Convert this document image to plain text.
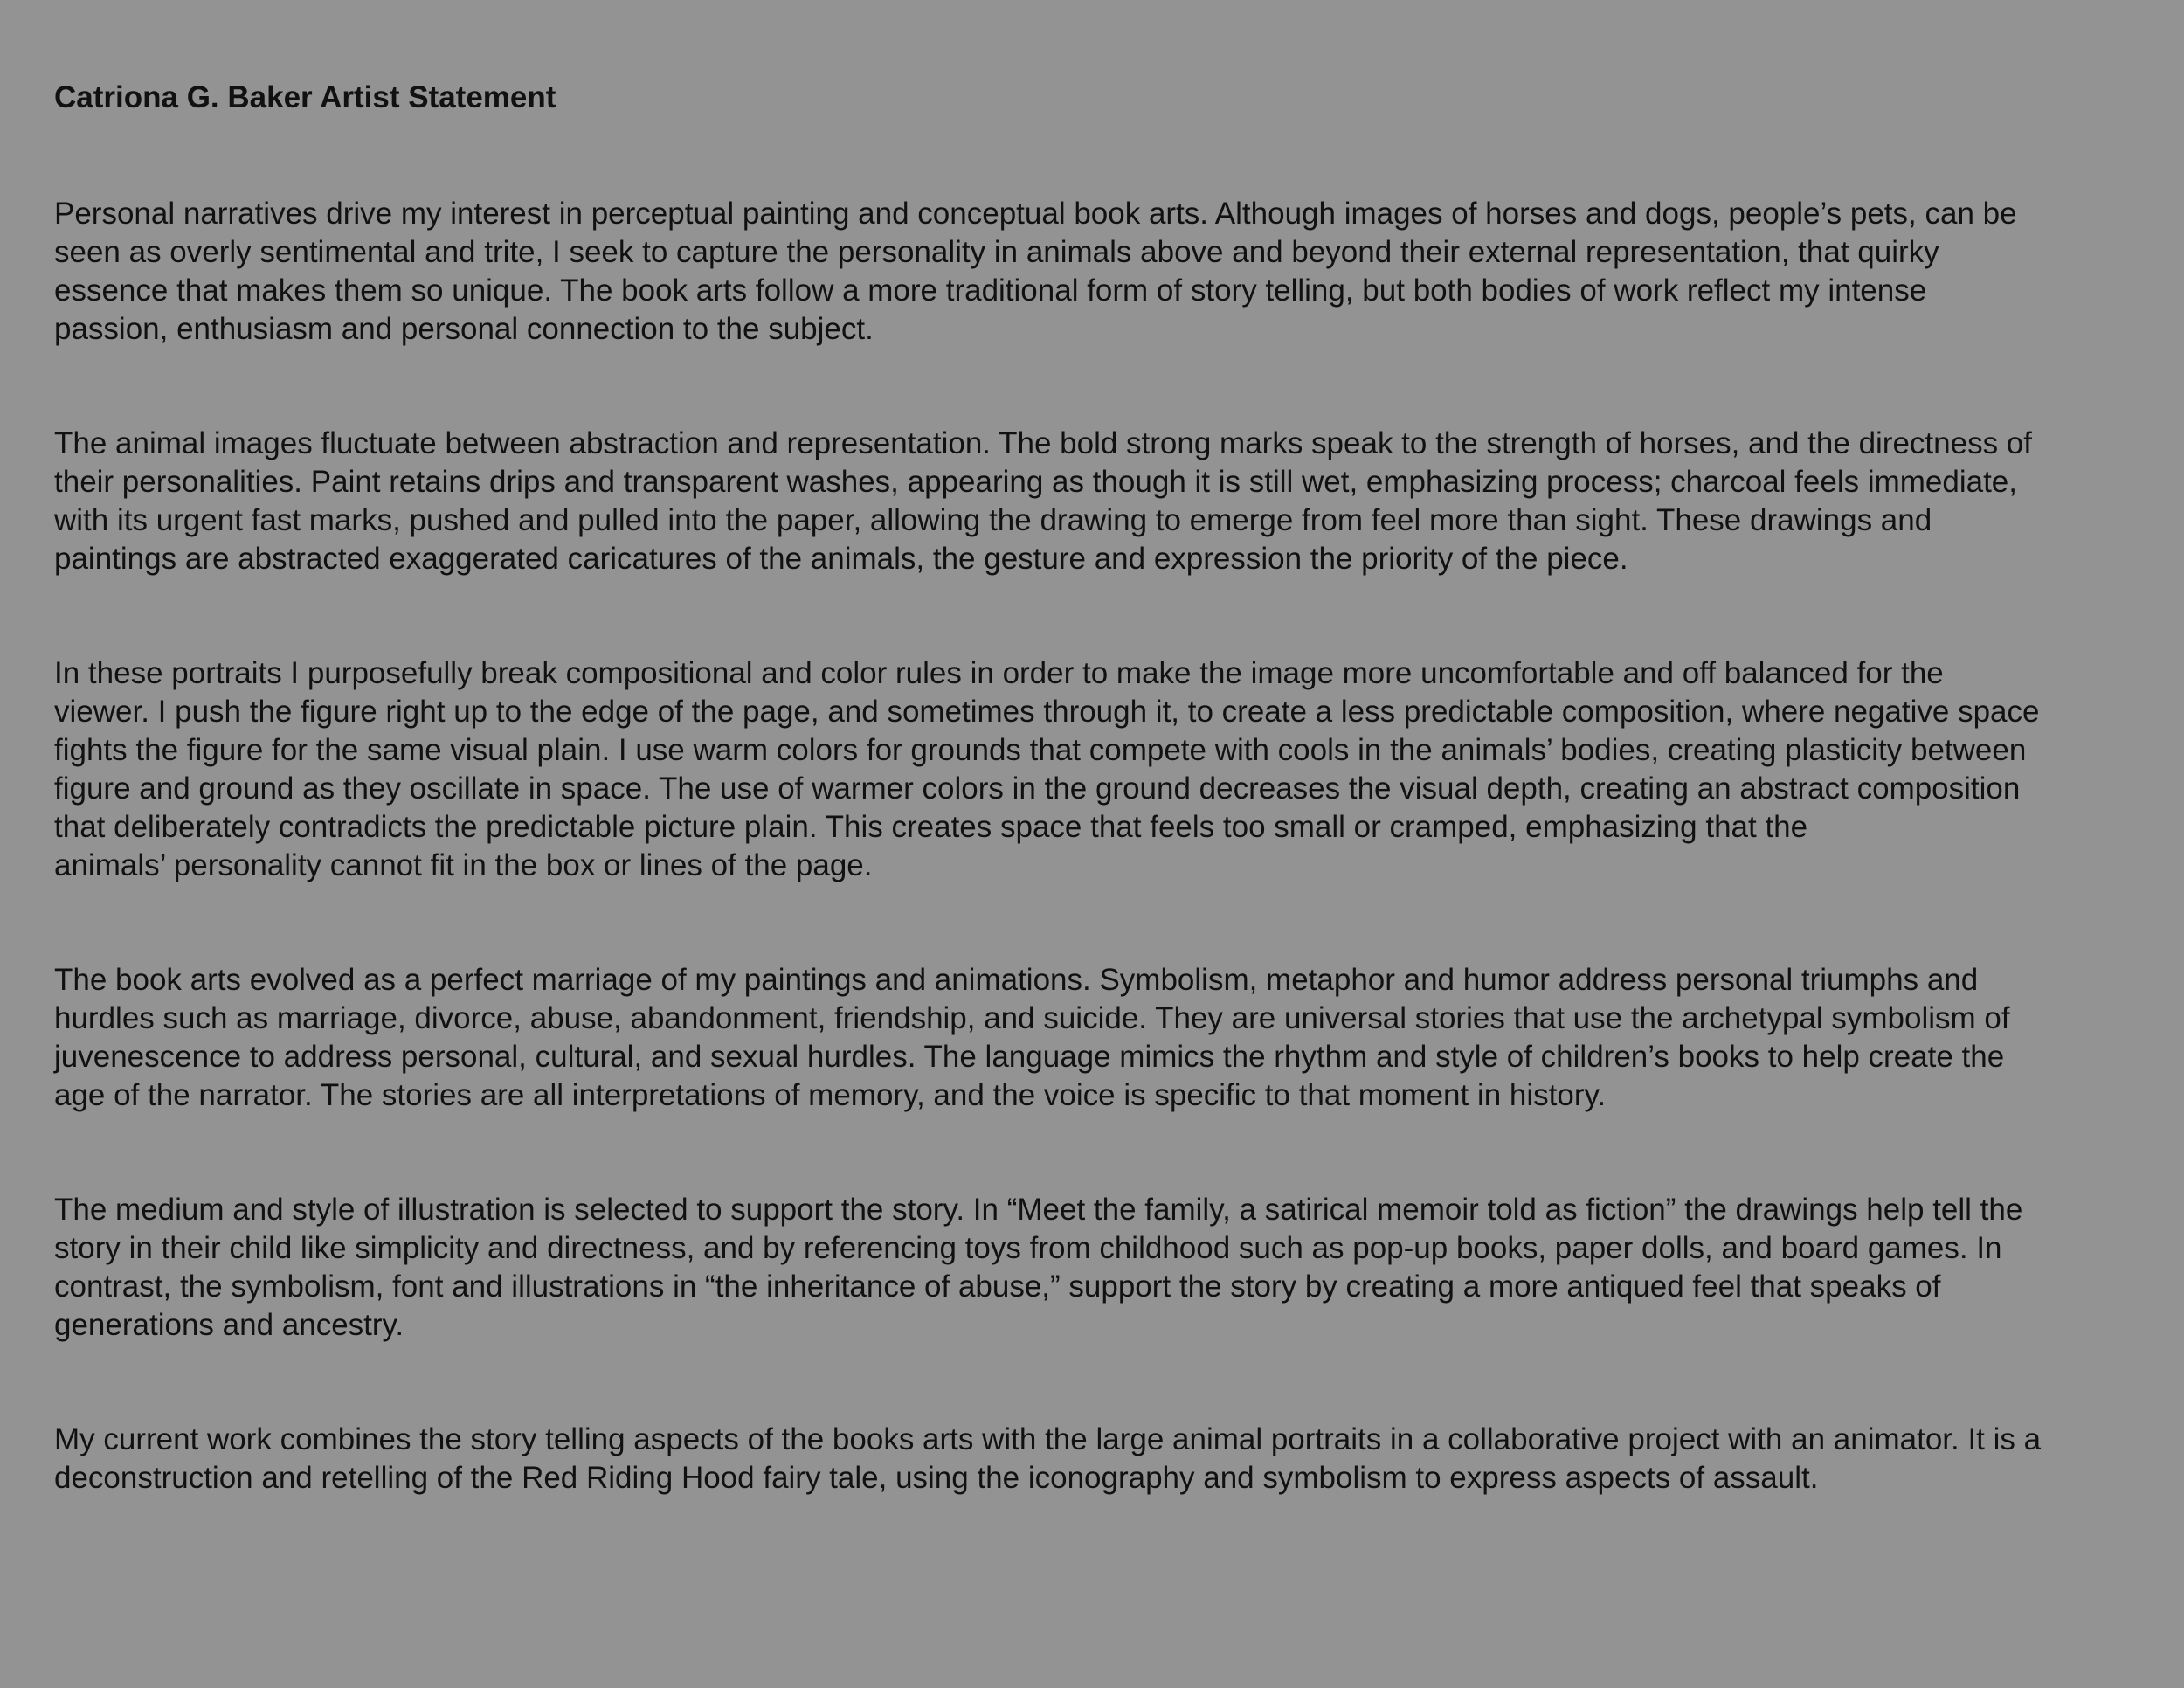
Catriona G. Baker Artist Statement

Personal narratives drive my interest in perceptual painting and conceptual book arts. Although images of horses and dogs, people’s pets, can be
seen as overly sentimental and trite, I seek to capture the personality in animals above and beyond their external representation, that quirky
essence that makes them so unique. The book arts follow a more traditional form of story telling, but both bodies of work reflect my intense
passion, enthusiasm and personal connection to the subject.

The animal images fluctuate between abstraction and representation. The bold strong marks speak to the strength of horses, and the directness of
their personalities. Paint retains drips and transparent washes, appearing as though it is still wet, emphasizing process; charcoal feels immediate,
with its urgent fast marks, pushed and pulled into the paper, allowing the drawing to emerge from feel more than sight. These drawings and
paintings are abstracted exaggerated caricatures of the animals, the gesture and expression the priority of the piece.

In these portraits I purposefully break compositional and color rules in order to make the image more uncomfortable and off balanced for the
viewer. I push the figure right up to the edge of the page, and sometimes through it, to create a less predictable composition, where negative space
fights the figure for the same visual plain. I use warm colors for grounds that compete with cools in the animals’ bodies, creating plasticity between
figure and ground as they oscillate in space. The use of warmer colors in the ground decreases the visual depth, creating an abstract composition
that deliberately contradicts the predictable picture plain. This creates space that feels too small or cramped, emphasizing that the
animals’ personality cannot fit in the box or lines of the page.

The book arts evolved as a perfect marriage of my paintings and animations. Symbolism, metaphor and humor address personal triumphs and
hurdles such as marriage, divorce, abuse, abandonment, friendship, and suicide. They are universal stories that use the archetypal symbolism of
juvenescence to address personal, cultural, and sexual hurdles. The language mimics the rhythm and style of children’s books to help create the
age of the narrator. The stories are all interpretations of memory, and the voice is specific to that moment in history.

The medium and style of illustration is selected to support the story. In “Meet the family, a satirical memoir told as fiction” the drawings help tell the
story in their child like simplicity and directness, and by referencing toys from childhood such as pop-up books, paper dolls, and board games. In
contrast, the symbolism, font and illustrations in “the inheritance of abuse,” support the story by creating a more antiqued feel that speaks of
generations and ancestry.

My current work combines the story telling aspects of the books arts with the large animal portraits in a collaborative project with an animator. It is a
deconstruction and retelling of the Red Riding Hood fairy tale, using the iconography and symbolism to express aspects of assault.
